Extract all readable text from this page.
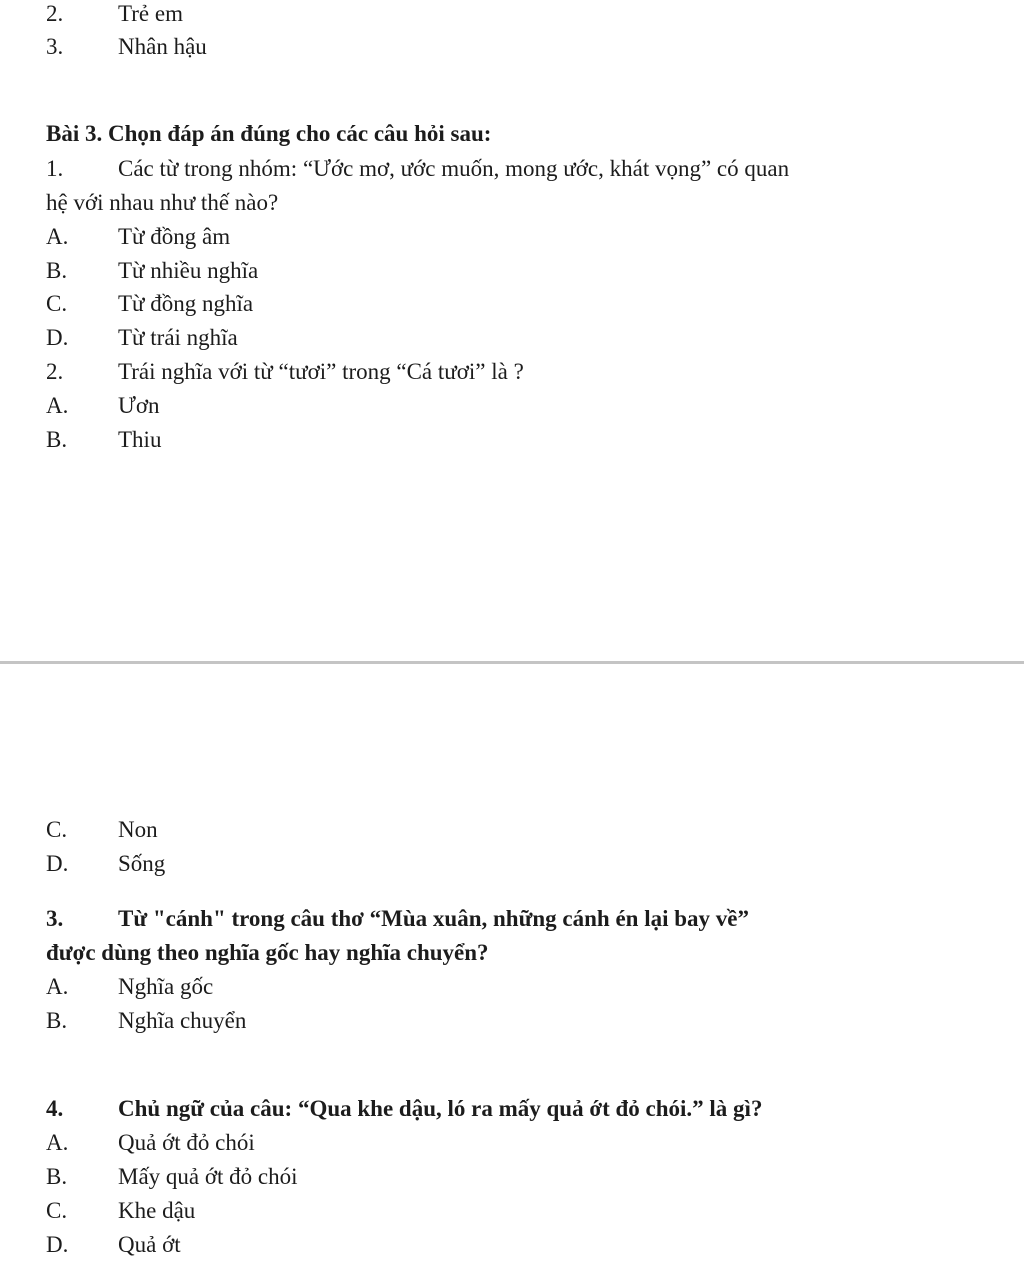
2. Trẻ em
3. Nhân hậu
Bài 3. Chọn đáp án đúng cho các câu hỏi sau:
1. Các từ trong nhóm: “Ước mơ, ước muốn, mong ước, khát vọng” có quan
hệ với nhau như thế nào?
A. Từ đồng âm
B. Từ nhiều nghĩa
C. Từ đồng nghĩa
D. Từ trái nghĩa
2. Trái nghĩa với từ “tươi” trong “Cá tươi” là ?
A. Ươn
B. Thiu
C. Non
D. Sống
3. Từ "cánh" trong câu thơ “Mùa xuân, những cánh én lại bay về”
được dùng theo nghĩa gốc hay nghĩa chuyển?
A. Nghĩa gốc
B. Nghĩa chuyển
4. Chủ ngữ của câu: “Qua khe dậu, ló ra mấy quả ớt đỏ chói.” là gì?
A. Quả ớt đỏ chói
B. Mấy quả ớt đỏ chói
C. Khe dậu
D. Quả ớt
